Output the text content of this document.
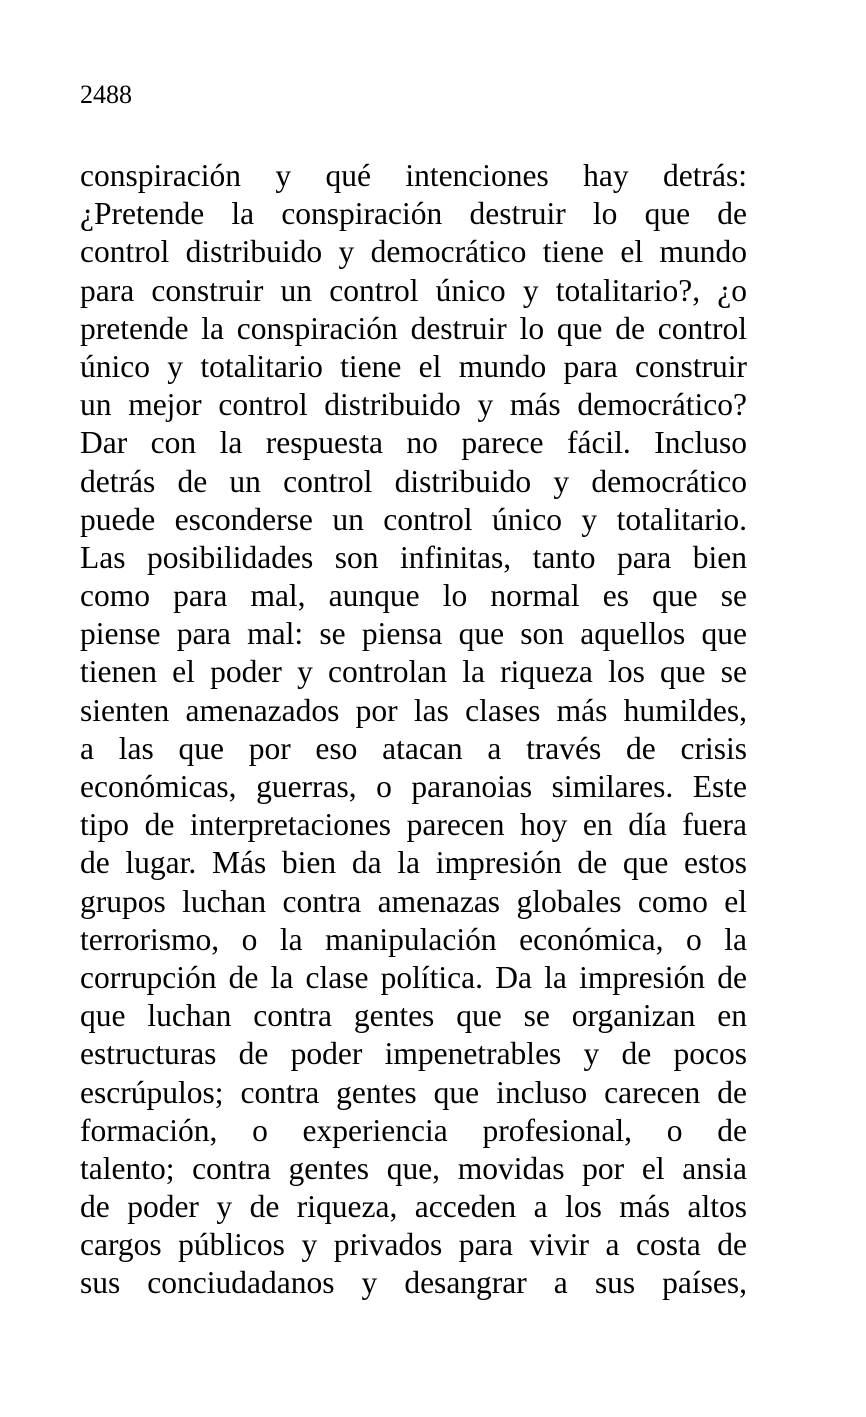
2488
conspiración y qué intenciones hay detrás:
¿Pretende la conspiración destruir lo que de
control distribuido y democrático tiene el mundo
para construir un control único y totalitario?, ¿o
pretende la conspiración destruir lo que de control
único y totalitario tiene el mundo para construir
un mejor control distribuido y más democrático?
Dar con la respuesta no parece fácil. Incluso
detrás de un control distribuido y democrático
puede esconderse un control único y totalitario.
Las posibilidades son infinitas, tanto para bien
como para mal, aunque lo normal es que se
piense para mal: se piensa que son aquellos que
tienen el poder y controlan la riqueza los que se
sienten amenazados por las clases más humildes,
a las que por eso atacan a través de crisis
económicas, guerras, o paranoias similares. Este
tipo de interpretaciones parecen hoy en día fuera
de lugar. Más bien da la impresión de que estos
grupos luchan contra amenazas globales como el
terrorismo, o la manipulación económica, o la
corrupción de la clase política. Da la impresión de
que luchan contra gentes que se organizan en
estructuras de poder impenetrables y de pocos
escrúpulos; contra gentes que incluso carecen de
formación, o experiencia profesional, o de
talento; contra gentes que, movidas por el ansia
de poder y de riqueza, acceden a los más altos
cargos públicos y privados para vivir a costa de
sus conciudadanos y desangrar a sus países,
